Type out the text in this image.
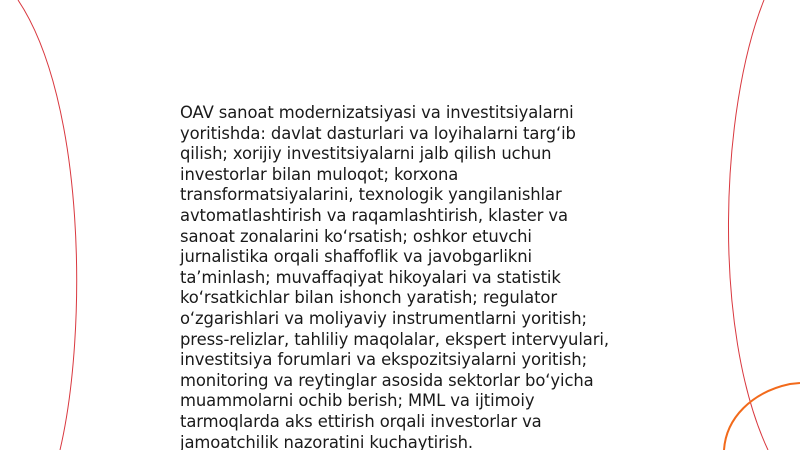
OAV sanoat modernizatsiyasi va investitsiyalarni
yoritishda: davlat dasturlari va loyihalarni targ‘ib
qilish; xorijiy investitsiyalarni jalb qilish uchun
investorlar bilan muloqot; korxona
transformatsiyalarini, texnologik yangilanishlar
avtomatlashtirish va raqamlashtirish, klaster va
sanoat zonalarini ko‘rsatish; oshkor etuvchi
jurnalistika orqali shaffoflik va javobgarlikni
ta’minlash; muvaffaqiyat hikoyalari va statistik
ko‘rsatkichlar bilan ishonch yaratish; regulator
o‘zgarishlari va moliyaviy instrumentlarni yoritish;
press-relizlar, tahliliy maqolalar, ekspert intervyulari,
investitsiya forumlari va ekspozitsiyalarni yoritish;
monitoring va reytinglar asosida sektorlar bo‘yicha
muammolarni ochib berish; MML va ijtimoiy
tarmoqlarda aks ettirish orqali investorlar va
jamoatchilik nazoratini kuchaytirish.
